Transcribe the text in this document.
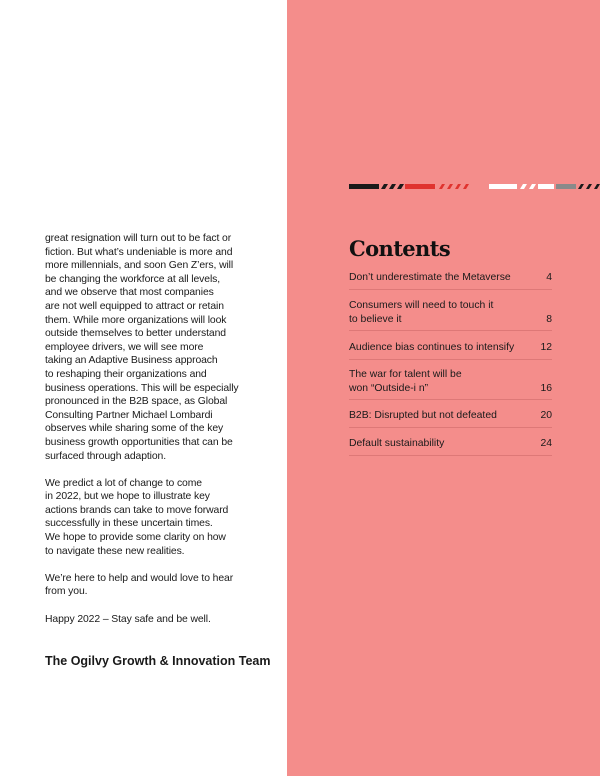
great resignation will turn out to be fact or
fiction. But what’s undeniable is more and
more millennials, and soon Gen Z’ers, will
be changing the workforce at all levels,
and we observe that most companies
are not well equipped to attract or retain
them. While more organizations will look
outside themselves to better understand
employee drivers, we will see more
taking an Adaptive Business approach
to reshaping their organizations and
business operations. This will be especially
pronounced in the B2B space, as Global
Consulting Partner Michael Lombardi
observes while sharing some of the key
business growth opportunities that can be
surfaced through adaption.

We predict a lot of change to come
in 2022, but we hope to illustrate key
actions brands can take to move forward
successfully in these uncertain times.
We hope to provide some clarity on how
to navigate these new realities.

We’re here to help and would love to hear
from you.

Happy 2022 – Stay safe and be well.

The Ogilvy Growth & Innovation Team
Contents
Don’t underestimate the Metaverse	4
Consumers will need to touch it
to believe it	8
Audience bias continues to intensify	12
The war for talent will be
won “Outside-i n”	16
B2B: Disrupted but not defeated	20
Default sustainability	24
